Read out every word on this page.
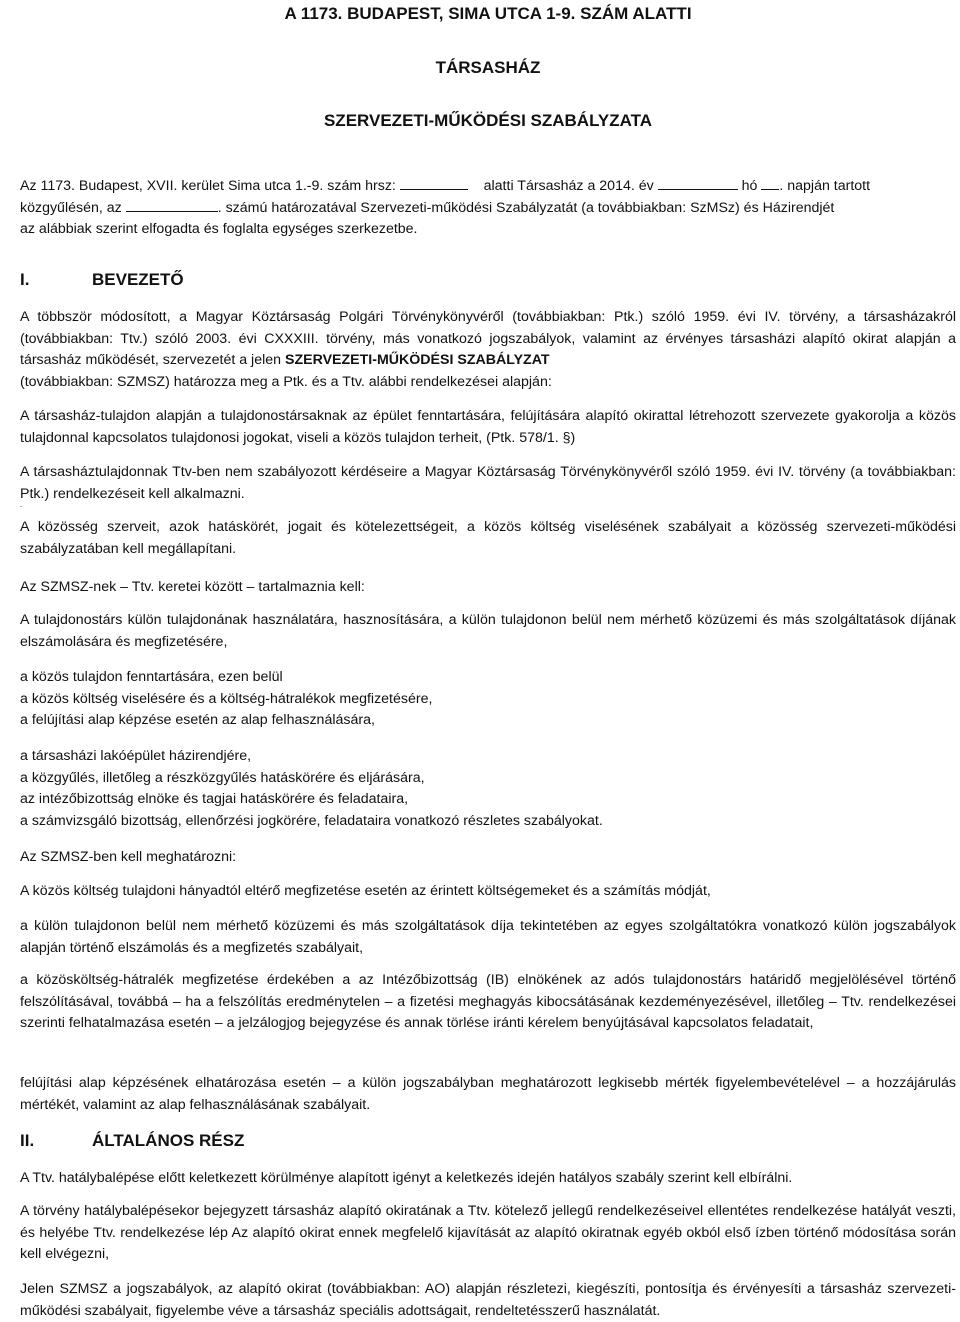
A 1173. BUDAPEST, SIMA UTCA 1-9. SZÁM ALATTI
TÁRSASHÁZ
SZERVEZETI-MŰKÖDÉSI SZABÁLYZATA
Az 1173. Budapest, XVII. kerület Sima utca 1.-9. szám hrsz:	alatti Társasház a 2014. év	hó . napján tartott
közgyűlésén, az	. számú határozatával Szervezeti-működési Szabályzatát (a továbbiakban: SzMSz) és Házirendjét
az alábbiak szerint elfogadta és foglalta egységes szerkezetbe.
I.	BEVEZETŐ
A többször módosított, a Magyar Köztársaság Polgári Törvénykönyvéről (továbbiakban: Ptk.) szóló 1959. évi IV. törvény, a társasházakról (továbbiakban: Ttv.) szóló 2003. évi CXXXIII. törvény, más vonatkozó jogszabályok, valamint az érvényes társasházi alapító okirat alapján a társasház működését, szervezetét a jelen SZERVEZETI-MŰKÖDÉSI SZABÁLYZAT
(továbbiakban: SZMSZ) határozza meg a Ptk. és a Ttv. alábbi rendelkezései alapján:
A társasház-tulajdon alapján a tulajdonostársaknak az épület fenntartására, felújítására alapító okirattal létrehozott szervezete gyakorolja a közös tulajdonnal kapcsolatos tulajdonosi jogokat, viseli a közös tulajdon terheit, (Ptk. 578/1. §)
A társasháztulajdonnak Ttv-ben nem szabályozott kérdéseire a Magyar Köztársaság Törvénykönyvéről szóló 1959. évi IV. törvény (a továbbiakban: Ptk.) rendelkezéseit kell alkalmazni.
.
A közösség szerveit, azok hatáskörét, jogait és kötelezettségeit, a közös költség viselésének szabályait a közösség szervezeti-működési szabályzatában kell megállapítani.
Az SZMSZ-nek – Ttv. keretei között – tartalmaznia kell:
A tulajdonostárs külön tulajdonának használatára, hasznosítására, a külön tulajdonon belül nem mérhető közüzemi és más szolgáltatások díjának elszámolására és megfizetésére,
a közös tulajdon fenntartására, ezen belül
a közös költség viselésére és a költség-hátralékok megfizetésére,
a felújítási alap képzése esetén az alap felhasználására,
a társasházi lakóépület házirendjére,
a közgyűlés, illetőleg a részközgyűlés hatáskörére és eljárására,
az intézőbizottság elnöke és tagjai hatáskörére és feladataira,
a számvizsgáló bizottság, ellenőrzési jogkörére, feladataira vonatkozó részletes szabályokat.
Az SZMSZ-ben kell meghatározni:
A közös költség tulajdoni hányadtól eltérő megfizetése esetén az érintett költségemeket és a számítás módját,
a külön tulajdonon belül nem mérhető közüzemi és más szolgáltatások díja tekintetében az egyes szolgáltatókra vonatkozó külön jogszabályok alapján történő elszámolás és a megfizetés szabályait,
a közösköltség-hátralék megfizetése érdekében a az Intézőbizottság (IB) elnökének az adós tulajdonostárs határidő megjelölésével történő felszólításával, továbbá – ha a felszólítás eredménytelen – a fizetési meghagyás kibocsátásának kezdeményezésével, illetőleg – Ttv. rendelkezései szerinti felhatalmazása esetén – a jelzálogjog bejegyzése és annak törlése iránti kérelem benyújtásával kapcsolatos feladatait,
felújítási alap képzésének elhatározása esetén – a külön jogszabályban meghatározott legkisebb mérték figyelembevételével – a hozzájárulás mértékét, valamint az alap felhasználásának szabályait.
II.	ÁLTALÁNOS RÉSZ
A Ttv. hatálybalépése előtt keletkezett körülménye alapított igényt a keletkezés idején hatályos szabály szerint kell elbírálni.
A törvény hatálybalépésekor bejegyzett társasház alapító okiratának a Ttv. kötelező jellegű rendelkezéseivel ellentétes rendelkezése hatályát veszti, és helyébe Ttv. rendelkezése lép Az alapító okirat ennek megfelelő kijavítását az alapító okiratnak egyéb okból első ízben történő módosítása során kell elvégezni,
Jelen SZMSZ a jogszabályok, az alapító okirat (továbbiakban: AO) alapján részletezi, kiegészíti, pontosítja és érvényesíti a társasház szervezeti-működési szabályait, figyelembe véve a társasház speciális adottságait, rendeltetésszerű használatát.
